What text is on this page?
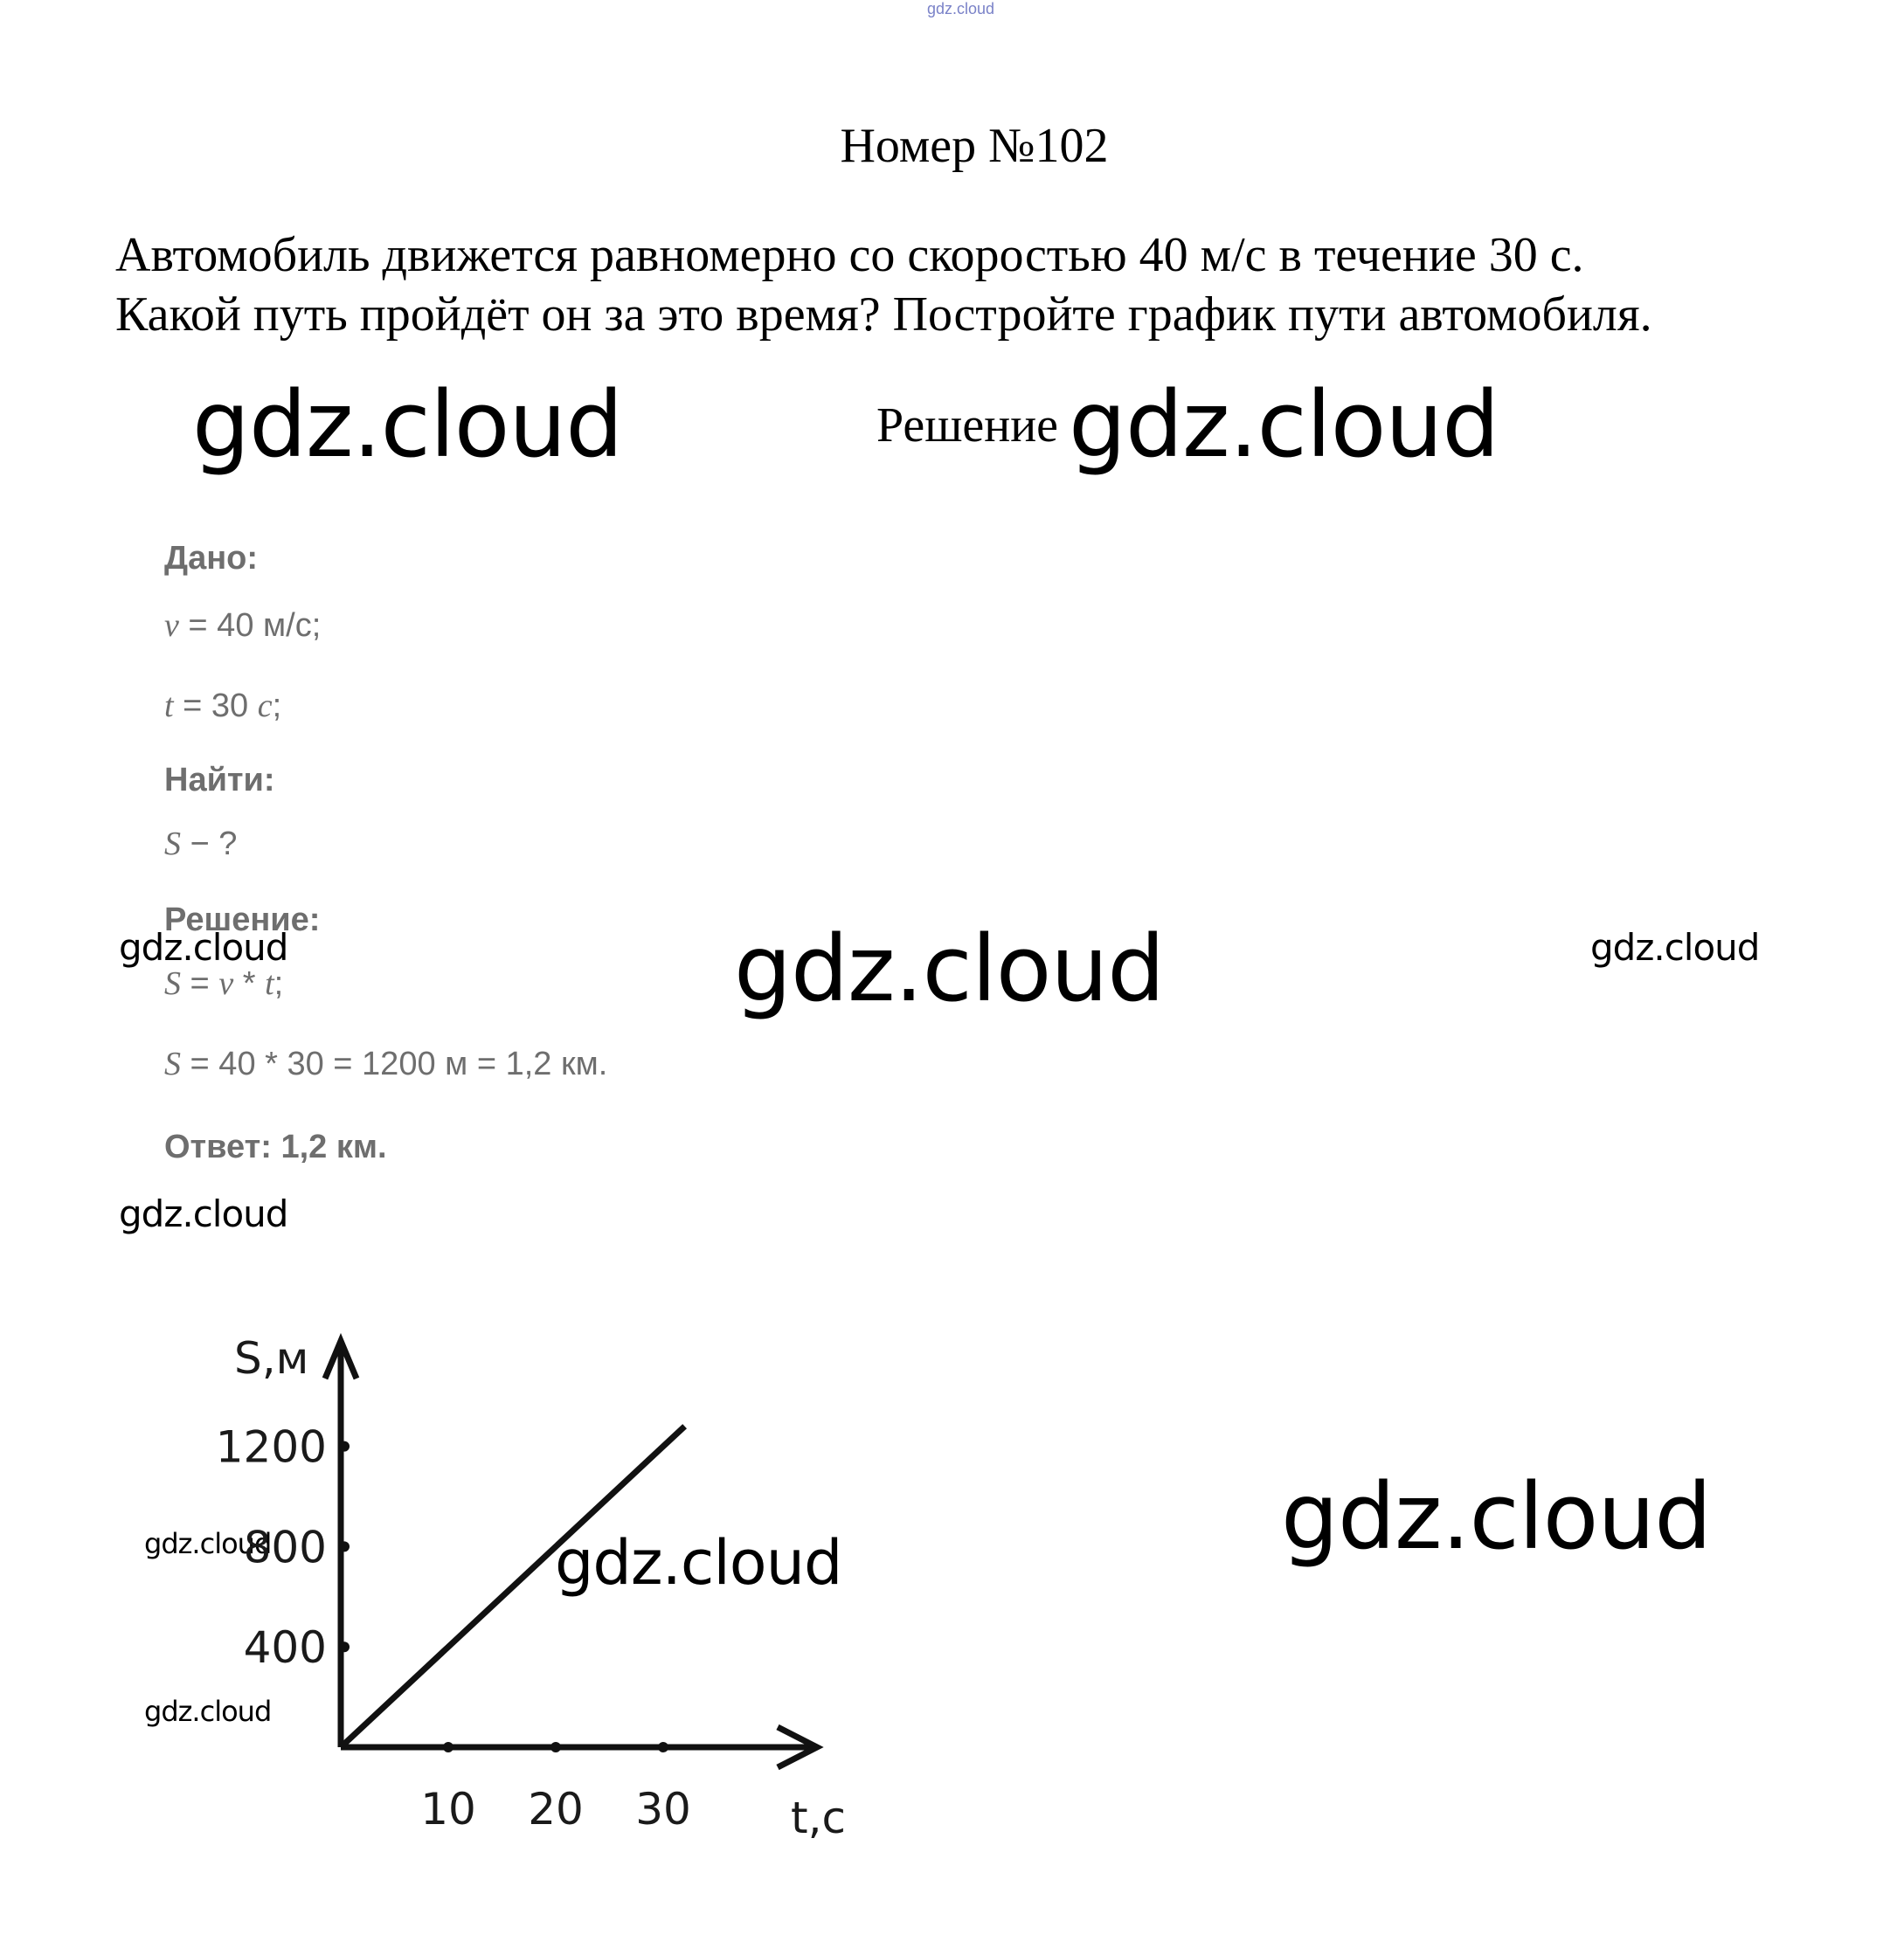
gdz.cloud
Номер №102
Автомобиль движется равномерно со скоростью 40 м/с в течение 30 с.
Какой путь пройдёт он за это время? Постройте график пути автомобиля.
Решение
gdz.cloud	gdz.cloud
gdz.cloud
gdz.cloud	gdz.cloud
gdz.cloud
gdz.cloud
gdz.cloud
gdz.cloud
gdz.cloud
Дано:
v = 40 м/с;
t = 30 с;
Найти:
S − ?
Решение:
S = v * t;
S = 40 * 30 = 1200 м = 1,2 км.
Ответ: 1,2 км.
S,м
t,c
400
800
1200
10 20 30
